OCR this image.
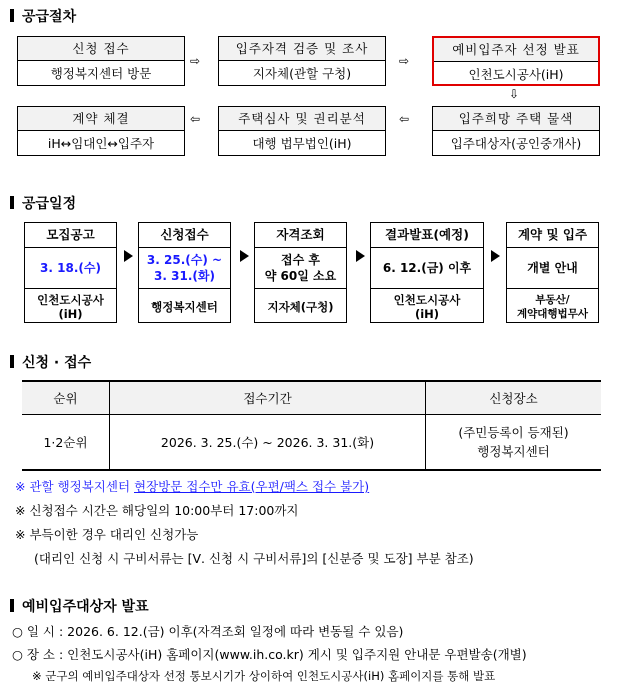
공급절차
신청 접수
행정복지센터 방문
⇨
입주자격 검증 및 조사
지자체(관할 구청)
⇨
예비입주자 선정 발표
인천도시공사(iH)
⇩
계약 체결
iH↔임대인↔입주자
⇦	주택심사 및 권리분석
대행 법무법인(iH)
⇦	입주희망 주택 물색
입주대상자(공인중개사)
공급일정
모집공고
3. 18.(수)
인천도시공사
(iH)
신청접수
3. 25.(수) ~
3. 31.(화)
행정복지센터
자격조회
접수 후
약 60일 소요
지자체(구청)
결과발표(예정)
6. 12.(금) 이후
인천도시공사
(iH)
계약 및 입주
개별 안내
부동산/
계약대행법무사
신청 · 접수
순위	접수기간	신청장소
1·2순위	2026. 3. 25.(수) ~ 2026. 3. 31.(화)	(주민등록이 등재된)
행정복지센터
※ 관할 행정복지센터 현장방문 접수만 유효(우편/팩스 접수 불가)
※ 신청접수 시간은 해당일의 10:00부터 17:00까지
※ 부득이한 경우 대리인 신청가능
(대리인 신청 시 구비서류는 [Ⅴ. 신청 시 구비서류]의 [신분증 및 도장] 부분 참조)
예비입주대상자 발표
○ 일 시 : 2026. 6. 12.(금) 이후(자격조회 일정에 따라 변동될 수 있음)
○ 장 소 : 인천도시공사(iH) 홈페이지(www.ih.co.kr) 게시 및 입주지원 안내문 우편발송(개별)
※ 군구의 예비입주대상자 선정 통보시기가 상이하여 인천도시공사(iH) 홈페이지를 통해 발표
